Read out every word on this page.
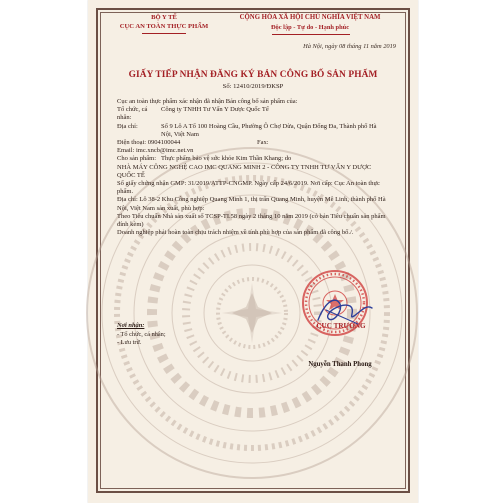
BỘ Y TẾ

CỤC AN TOÀN THỰC PHẨM

CỘNG HÒA XÃ HỘI CHỦ NGHĨA VIỆT NAM

Độc lập - Tự do - Hạnh phúc

Hà Nội, ngày 08 tháng 11 năm 2019

GIẤY TIẾP NHẬN ĐĂNG KÝ BẢN CÔNG BỐ SẢN PHẨM

Số: 12410/2019/ĐKSP

Cục an toàn thực phẩm xác nhận đã nhận Bản công bố sản phẩm của:

Tổ chức, cá nhân:
Công ty TNHH Tư Vấn Y Dược Quốc Tế
Địa chỉ:	Số 9 Lô A Tổ 100 Hoàng Cầu, Phường Ô Chợ Dừa, Quận Đống Đa, Thành phố Hà Nội, Việt Nam
Điện thoại: 0904100044	Fax:

Email: imc.xncb@imc.net.vn

Cho sản phẩm: Thực phẩm bảo vệ sức khỏe Kim Thần Khang; do

NHÀ MÁY CÔNG NGHỆ CAO IMC QUANG MINH 2 - CÔNG TY TNHH TƯ VẤN Y DƯỢC QUỐC TẾ

Số giấy chứng nhận GMP: 31/2019/ATTP-CNGMP. Ngày cấp 24/6/2019. Nơi cấp: Cục An toàn thực phẩm.

Địa chỉ: Lô 38-2 Khu Công nghiệp Quang Minh 1, thị trấn Quang Minh, huyện Mê Linh, thành phố Hà Nội, Việt Nam sản xuất, phù hợp:

Theo Tiêu chuẩn Nhà sản xuất số TCSP-TI.58 ngày 2 tháng 10 năm 2019 (có bản Tiêu chuẩn sản phẩm đính kèm)

Doanh nghiệp phải hoàn toàn chịu trách nhiệm về tính phù hợp của sản phẩm đã công bố./.

Nơi nhận:

- Tổ chức, cá nhân;

- Lưu trữ.

CỤC TRƯỞNG

Nguyễn Thanh Phong
